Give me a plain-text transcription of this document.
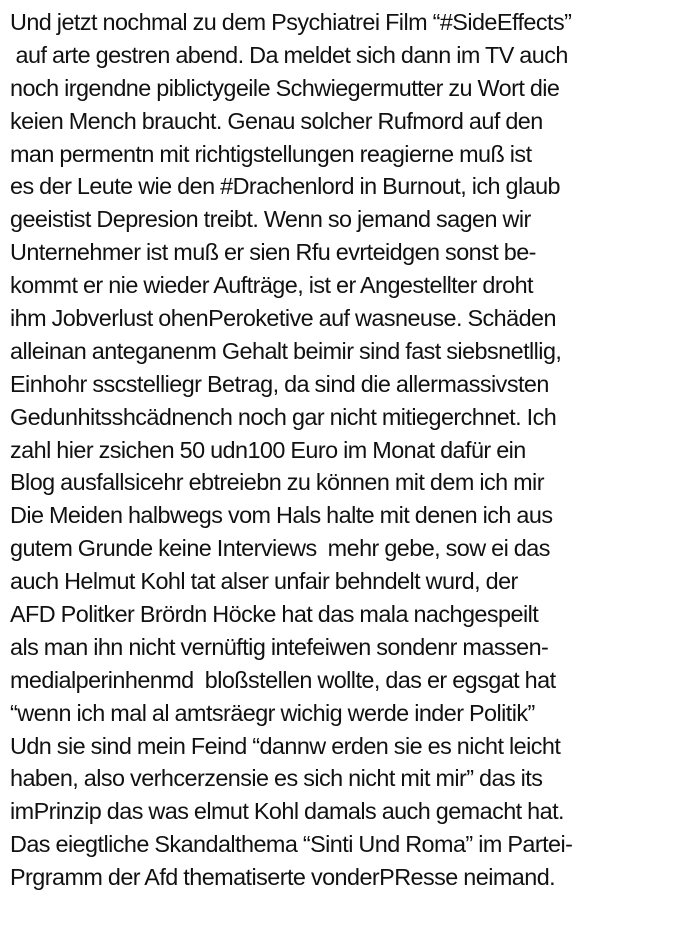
Und jetzt nochmal zu dem Psychiatrei Film “#SideEffects”
auf arte gestren abend. Da meldet sich dann im TV auch
noch irgendne piblictygeile Schwiegermutter zu Wort die
keien Mench braucht. Genau solcher Rufmord auf den
man permentn mit richtigstellungen reagierne muß ist
es der Leute wie den #Drachenlord in Burnout, ich glaub
geeistist Depresion treibt. Wenn so jemand sagen wir
Unternehmer ist muß er sien Rfu evrteidgen sonst be-
kommt er nie wieder Aufträge, ist er Angestellter droht
ihm Jobverlust ohenPeroketive auf wasneuse. Schäden
alleinan anteganenm Gehalt beimir sind fast siebsnetllig,
Einhohr sscstelliegr Betrag, da sind die allermassivsten
Gedunhitsshcädnench noch gar nicht mitiegerchnet. Ich
zahl hier zsichen 50 udn100 Euro im Monat dafür ein
Blog ausfallsicehr ebtreiebn zu können mit dem ich mir
Die Meiden halbwegs vom Hals halte mit denen ich aus
gutem Grunde keine Interviews  mehr gebe, sow ei das
auch Helmut Kohl tat alser unfair behndelt wurd, der
AFD Politker Brördn Höcke hat das mala nachgespeilt
als man ihn nicht vernüftig intefeiwen sondenr massen-
medialperinhenmd  bloßstellen wollte, das er egsgat hat
“wenn ich mal al amtsräegr wichig werde inder Politik”
Udn sie sind mein Feind “dannw erden sie es nicht leicht
haben, also verhcerzensie es sich nicht mit mir” das its
imPrinzip das was elmut Kohl damals auch gemacht hat.
Das eiegtliche Skandalthema “Sinti Und Roma” im Partei-
Prgramm der Afd thematiserte vonderPResse neimand.
